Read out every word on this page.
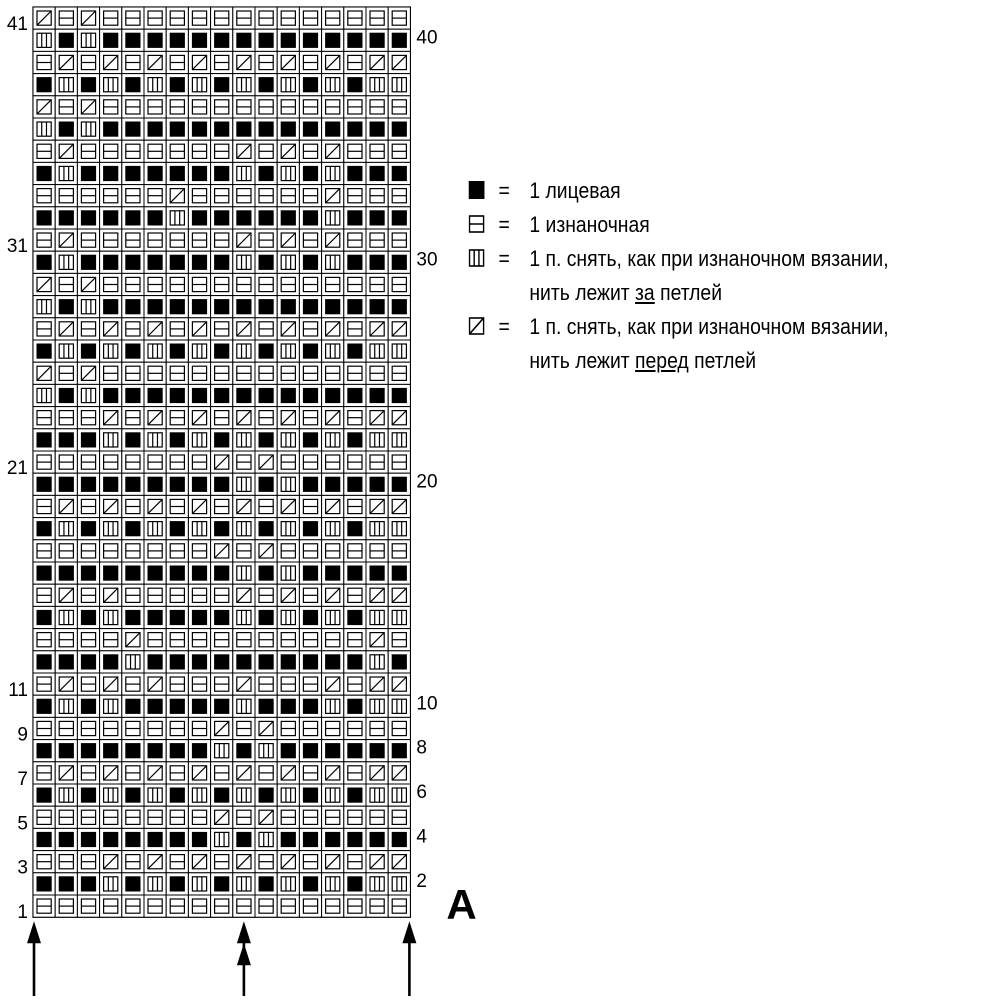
41
31
21
11
9
7
5
3
1
40
30
20
10
8
6
4
2 A
= 1 лицевая
= 1 изнаночная
= 1 п. снять, как при изнаночном вязании,
нить лежит за петлей
= 1 п. снять, как при изнаночном вязании,
нить лежит перед петлей
